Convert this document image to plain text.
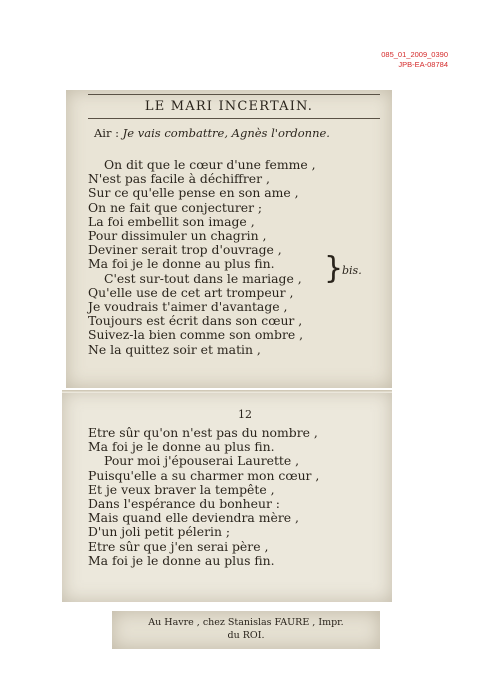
085_01_2009_0390
JPB-EA-08784
LE MARI INCERTAIN.
Air : Je vais combattre, Agnès l'ordonne.
On dit que le cœur d'une femme ,
N'est pas facile à déchiffrer ,
Sur ce qu'elle pense en son ame ,
On ne fait que conjecturer ;
La foi embellit son image ,
Pour dissimuler un chagrin ,
Deviner serait trop d'ouvrage ,
Ma foi je le donne au plus fin.
C'est sur-tout dans le mariage ,
Qu'elle use de cet art trompeur ,
Je voudrais t'aimer d'avantage ,
Toujours est écrit dans son cœur ,
Suivez-la bien comme son ombre ,
Ne la quittez soir et matin ,
}
bis.
12
Etre sûr qu'on n'est pas du nombre ,
Ma foi je le donne au plus fin.
Pour moi j'épouserai Laurette ,
Puisqu'elle a su charmer mon cœur ,
Et je veux braver la tempête ,
Dans l'espérance du bonheur :
Mais quand elle deviendra mère ,
D'un joli petit pélerin ;
Etre sûr que j'en serai père ,
Ma foi je le donne au plus fin.
Au Havre , chez Stanislas FAURE , Impr.
du ROI.
